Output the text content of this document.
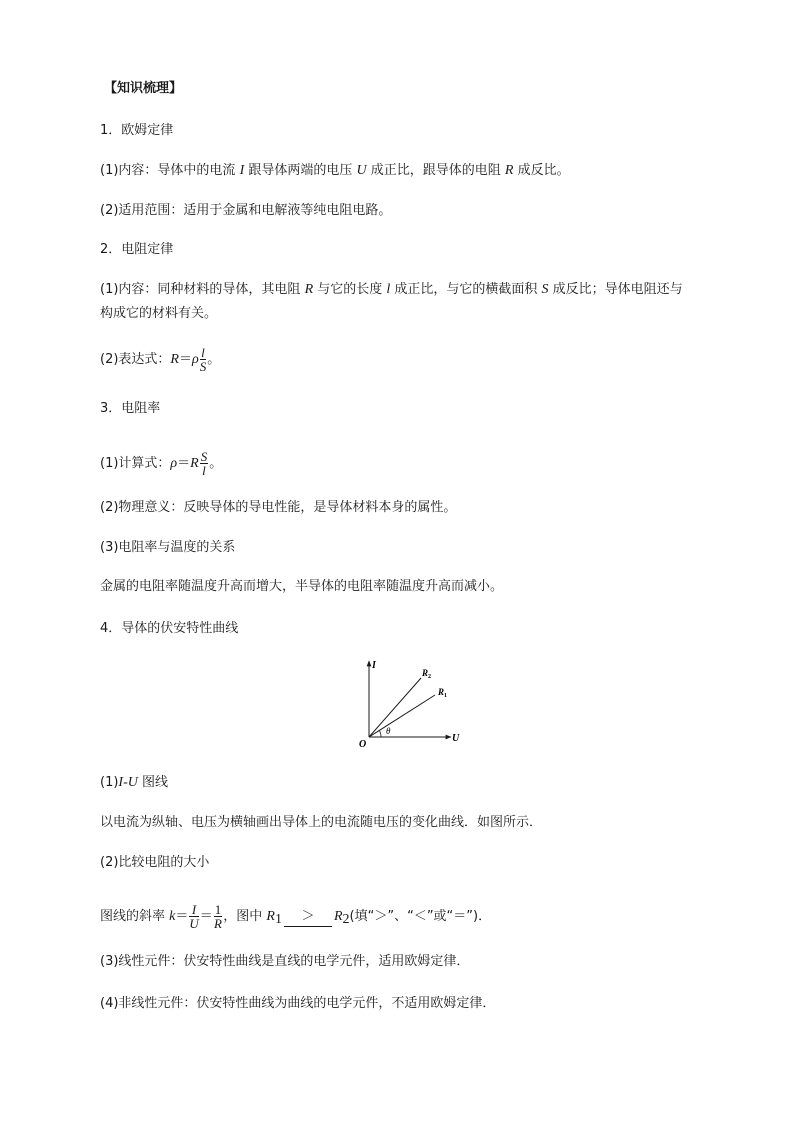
【知识梳理】
1．欧姆定律
(1)内容：导体中的电流 I 跟导体两端的电压 U 成正比，跟导体的电阻 R 成反比。
(2)适用范围：适用于金属和电解液等纯电阻电路。
2．电阻定律
(1)内容：同种材料的导体，其电阻 R 与它的长度 l 成正比，与它的横截面积 S 成反比；导体电阻还与
构成它的材料有关。
(2)表达式：$R=\rho \frac{l}{S}$ 。
3．电阻率
(1)计算式：$\rho=R \frac{S}{l}$ 。
(2)物理意义：反映导体的导电性能，是导体材料本身的属性。
(3)电阻率与温度的关系
金属的电阻率随温度升高而增大，半导体的电阻率随温度升高而减小。
4．导体的伏安特性曲线
I
U
O
θ
$R_2$
$R_1$
(1)I-U 图线
以电流为纵轴、电压为横轴画出导体上的电流随电压的变化曲线．如图所示．
(2)比较电阻的大小
图线的斜率 $k= \frac{I}{U} = \frac{1}{R}$ ，图中 $R_1 > R_2$(填“＞”、“＜”或“＝”)．
(3)线性元件：伏安特性曲线是直线的电学元件，适用欧姆定律．
(4)非线性元件：伏安特性曲线为曲线的电学元件，不适用欧姆定律．
